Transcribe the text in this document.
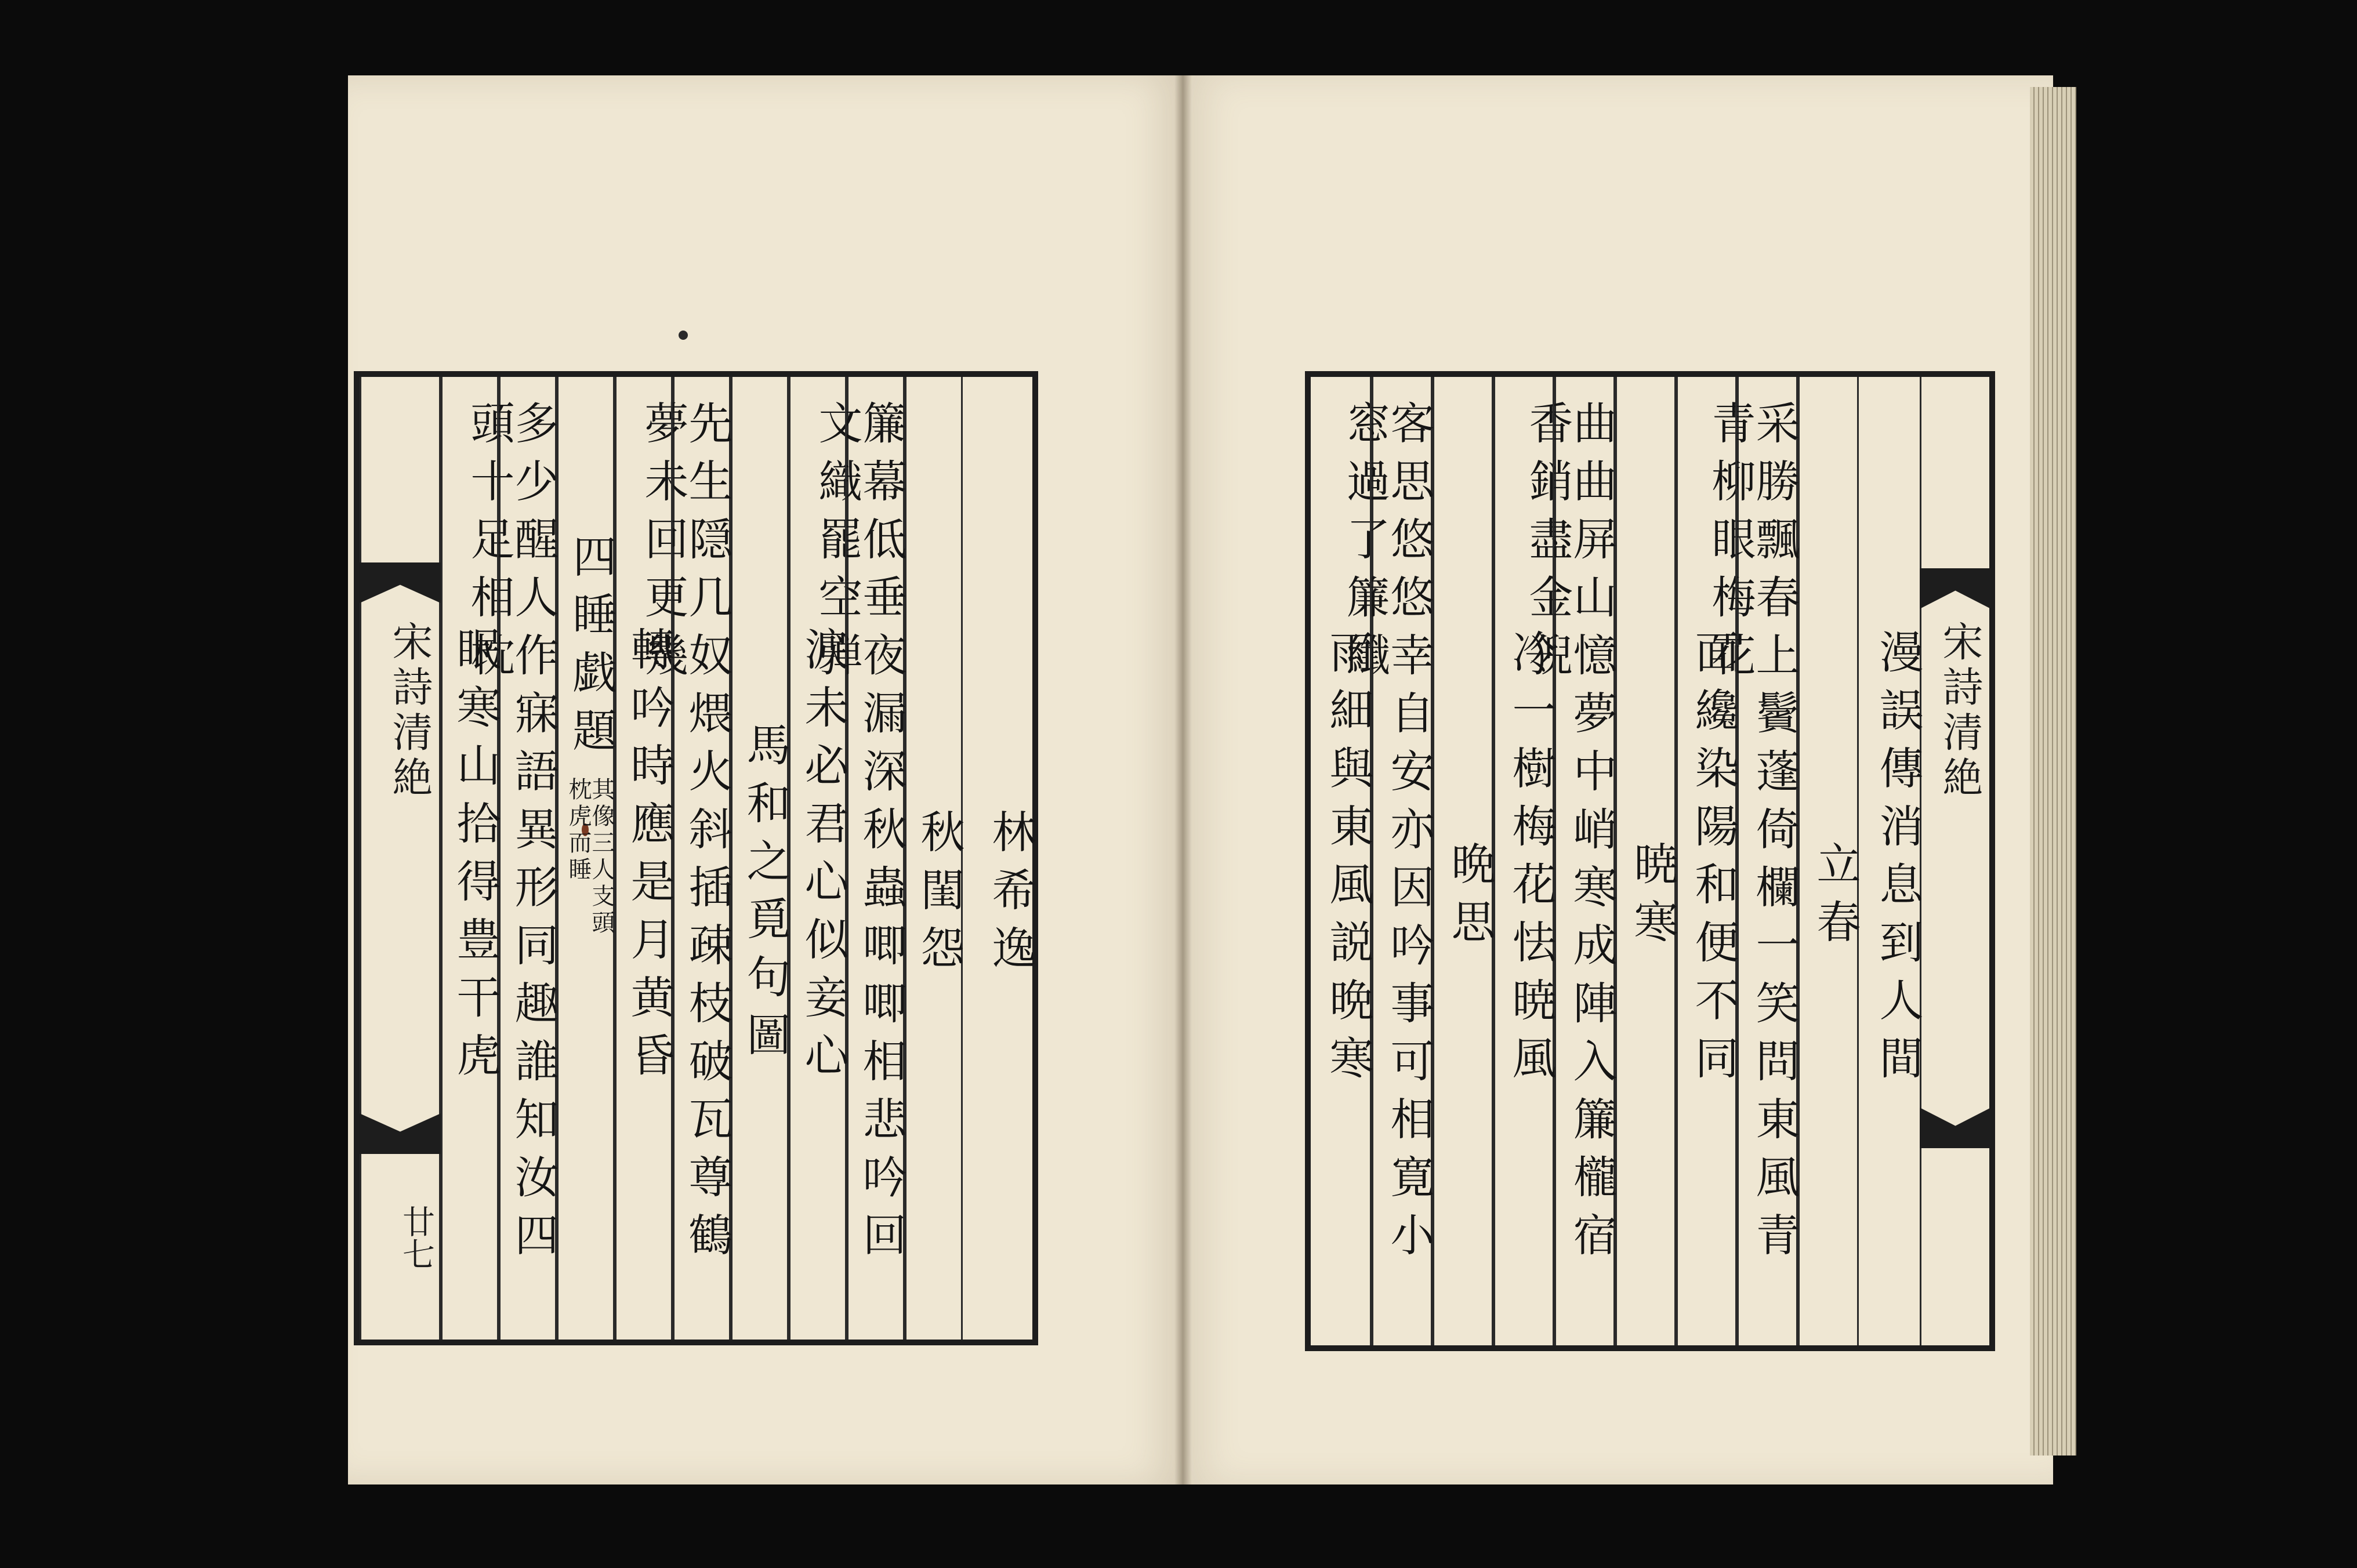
林希逸
秋閨怨
簾幕低垂夜漏深秋蟲唧唧相悲吟回文織罷空弾
涙未必君心似妾心
馬和之覓句圖
先生隠几奴煨火斜插疎枝破瓦尊鶴夢未回更幾
轉吟時應是月黄昏
四睡戯題
其像三人支頭枕虎而睡
多少醒人作寐語異形同趣誰知汝四頭十足相枕
眠寒山拾得豊干虎
宋詩清絶
廿七
宋詩清絶
漫誤傳消息到人間
立春
采勝飄春上鬢蓬倚欄一笑問東風青青柳眼梅花
面纔染陽和便不同
暁寒
曲曲屏山憶夢中峭寒成陣入簾櫳宿香銷盡金猊
冷一樹梅花怯暁風
晩思
客思悠悠幸自安亦因吟事可相寛小窓過了簾纖
雨細與東風説晩寒
